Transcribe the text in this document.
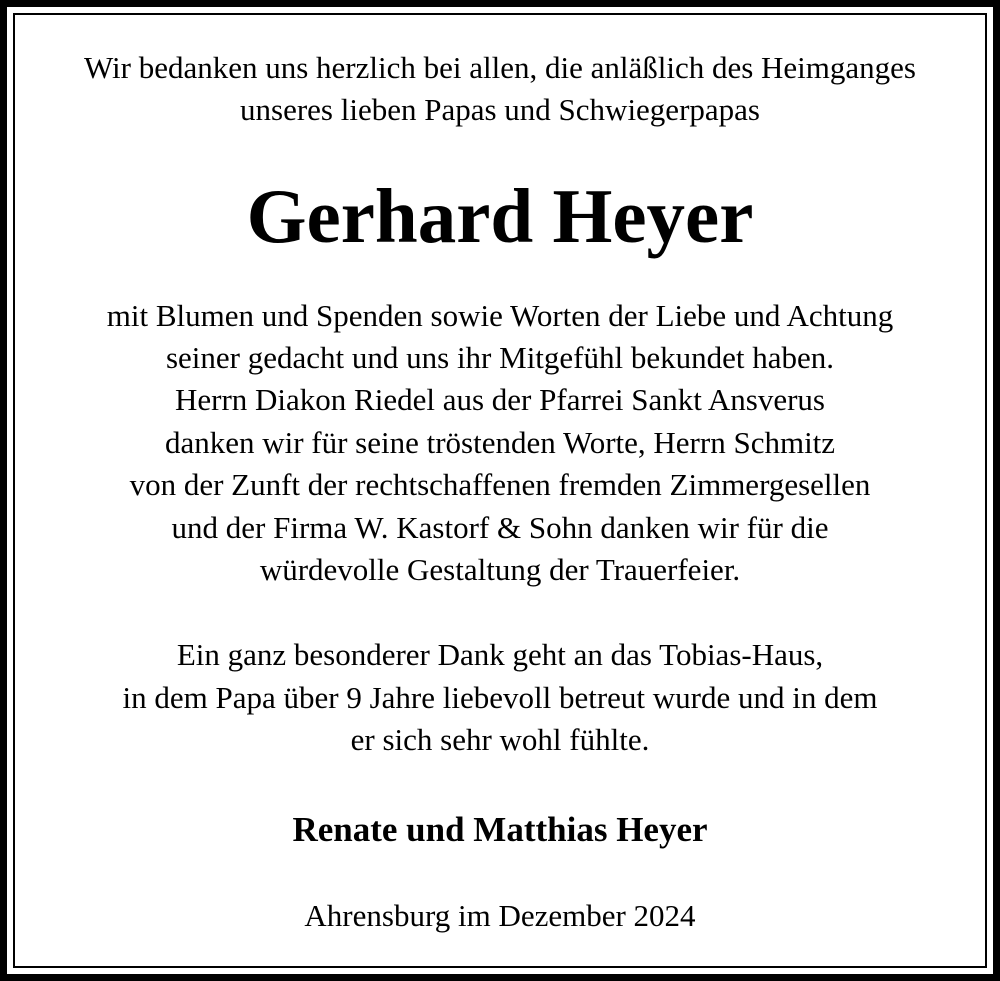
Wir bedanken uns herzlich bei allen, die anläßlich des Heimganges
unseres lieben Papas und Schwiegerpapas
Gerhard Heyer
mit Blumen und Spenden sowie Worten der Liebe und Achtung
seiner gedacht und uns ihr Mitgefühl bekundet haben.
Herrn Diakon Riedel aus der Pfarrei Sankt Ansverus
danken wir für seine tröstenden Worte, Herrn Schmitz
von der Zunft der rechtschaffenen fremden Zimmergesellen
und der Firma W. Kastorf & Sohn danken wir für die
würdevolle Gestaltung der Trauerfeier.
Ein ganz besonderer Dank geht an das Tobias-Haus,
in dem Papa über 9 Jahre liebevoll betreut wurde und in dem
er sich sehr wohl fühlte.
Renate und Matthias Heyer
Ahrensburg im Dezember 2024
